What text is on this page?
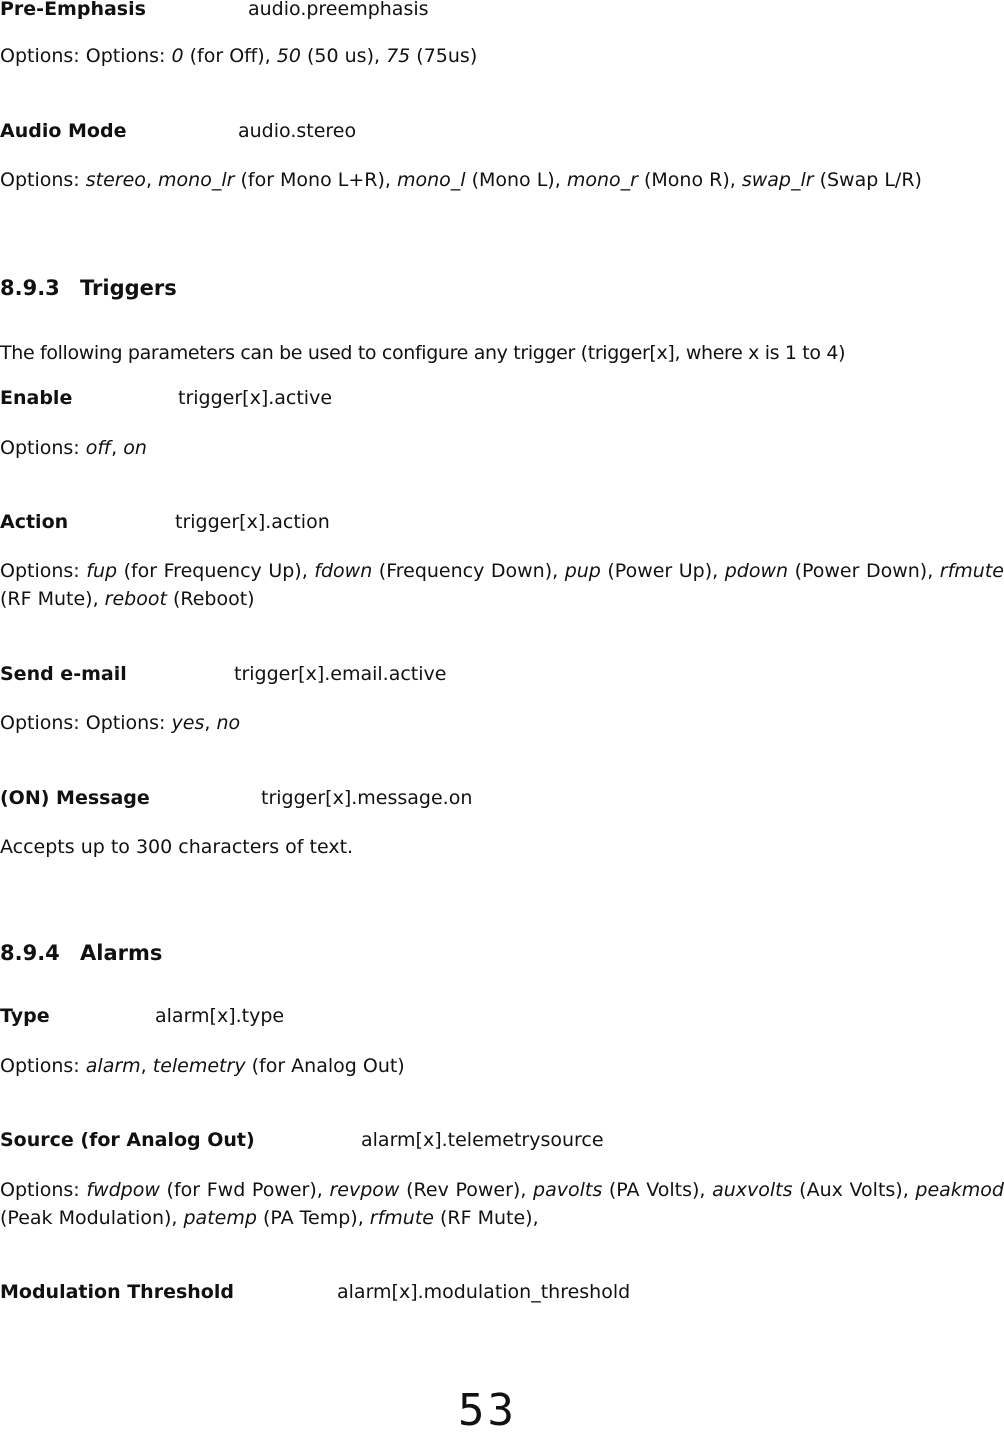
Pre-Emphasis	audio.preemphasis
Options: Options: 0 (for Off), 50 (50 us), 75 (75us)
Audio Mode	audio.stereo
Options: stereo, mono_lr (for Mono L+R), mono_l (Mono L), mono_r (Mono R), swap_lr (Swap L/R)
8.9.3 Triggers
The following parameters can be used to configure any trigger (trigger[x], where x is 1 to 4)
Enable	trigger[x].active
Options: off, on
Action	trigger[x].action
Options: fup (for Frequency Up), fdown (Frequency Down), pup (Power Up), pdown (Power Down), rfmute (RF Mute), reboot (Reboot)
Send e-mail	trigger[x].email.active
Options: Options: yes, no
(ON) Message	trigger[x].message.on
Accepts up to 300 characters of text.
8.9.4 Alarms
Type	alarm[x].type
Options: alarm, telemetry (for Analog Out)
Source (for Analog Out)	alarm[x].telemetrysource
Options: fwdpow (for Fwd Power), revpow (Rev Power), pavolts (PA Volts), auxvolts (Aux Volts), peakmod (Peak Modulation), patemp (PA Temp), rfmute (RF Mute),
Modulation Threshold	alarm[x].modulation_threshold
53
